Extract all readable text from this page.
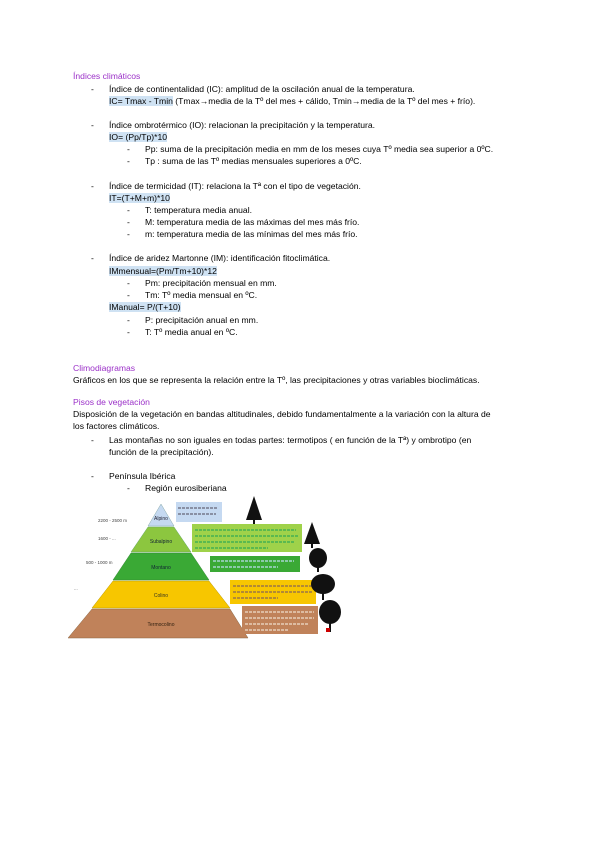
Índices climáticos
- Índice de continentalidad (IC): amplitud de la oscilación anual de la temperatura.
IC= Tmax - Tmin (Tmax→media de la Tº del mes + cálido, Tmin→media de la Tº del mes + frío).
- Índice ombrotérmico (IO): relacionan la precipitación y la temperatura.
IO= (Pp/Tp)*10
- Pp: suma de la precipitación media en mm de los meses cuya Tº media sea superior a 0ºC.
- Tp : suma de las Tº medias mensuales superiores a 0ºC.
- Índice de termicidad (IT): relaciona la Tª con el tipo de vegetación.
IT=(T+M+m)*10
- T: temperatura media anual.
- M: temperatura media de las máximas del mes más frío.
- m: temperatura media de las mínimas del mes más frío.
- Índice de aridez Martonne (IM): identificación fitoclimática.
IMmensual=(Pm/Tm+10)*12
- Pm: precipitación mensual en mm.
- Tm: Tº media mensual en ºC.
IManual= P/(T+10)
- P: precipitación anual en mm.
- T: Tº media anual en ºC.
Climodiagramas
Gráficos en los que se representa la relación entre la Tº, las precipitaciones y otras variables bioclimáticas.
Pisos de vegetación
Disposición de la vegetación en bandas altitudinales, debido fundamentalmente a la variación con la altura de
los factores climáticos.
- Las montañas no son iguales en todas partes: termotipos ( en función de la Tª) y ombrotipo (en
función de la precipitación).
- Península Ibérica
- Región eurosiberiana
2200 - 2500 m
1600 - ...
500 - 1000 m
...
Alpino
Subalpino
Montano
Colino
Termocolino
